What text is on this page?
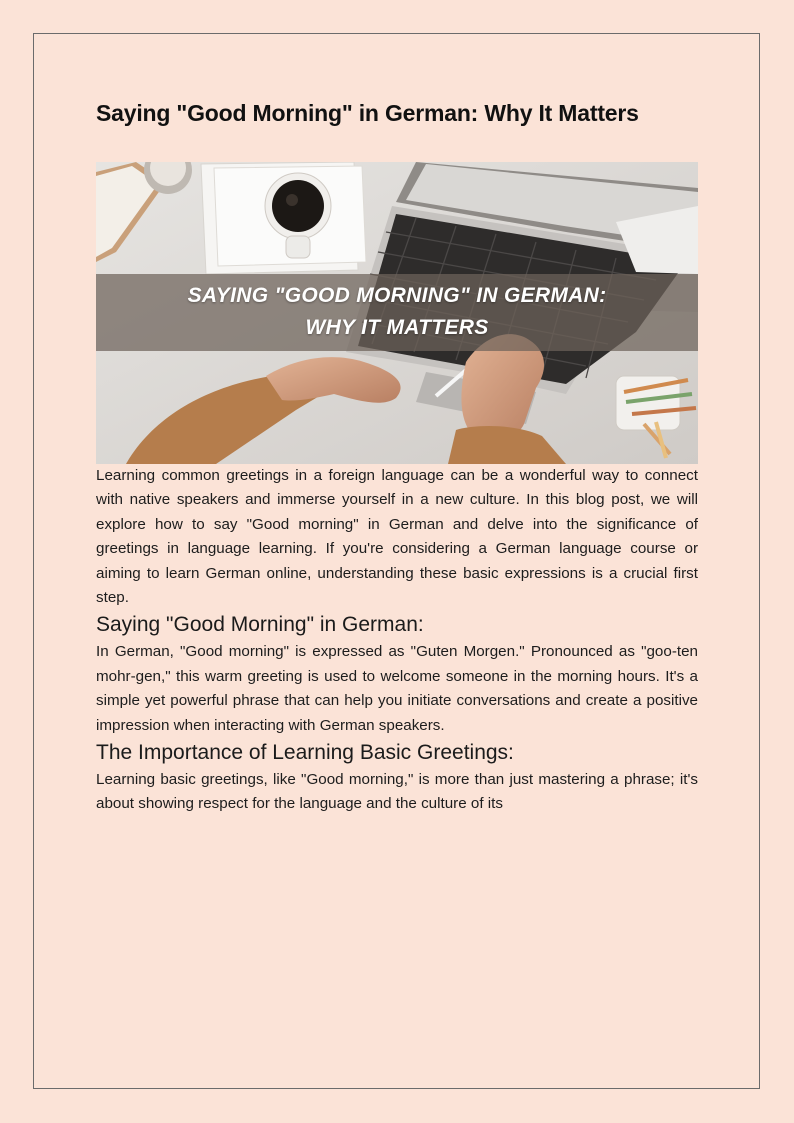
Saying "Good Morning" in German: Why It Matters
SAYING "GOOD MORNING" IN GERMAN:
WHY IT MATTERS

Learning common greetings in a foreign language can be a wonderful way to connect with native speakers and immerse yourself in a new culture. In this blog post, we will explore how to say "Good morning" in German and delve into the significance of greetings in language learning. If you're considering a German language course or aiming to learn German online, understanding these basic expressions is a crucial first step.

Saying "Good Morning" in German:

In German, "Good morning" is expressed as "Guten Morgen." Pronounced as "goo-ten mohr-gen," this warm greeting is used to welcome someone in the morning hours. It's a simple yet powerful phrase that can help you initiate conversations and create a positive impression when interacting with German speakers.

The Importance of Learning Basic Greetings:

Learning basic greetings, like "Good morning," is more than just mastering a phrase; it's about showing respect for the language and the culture of its
